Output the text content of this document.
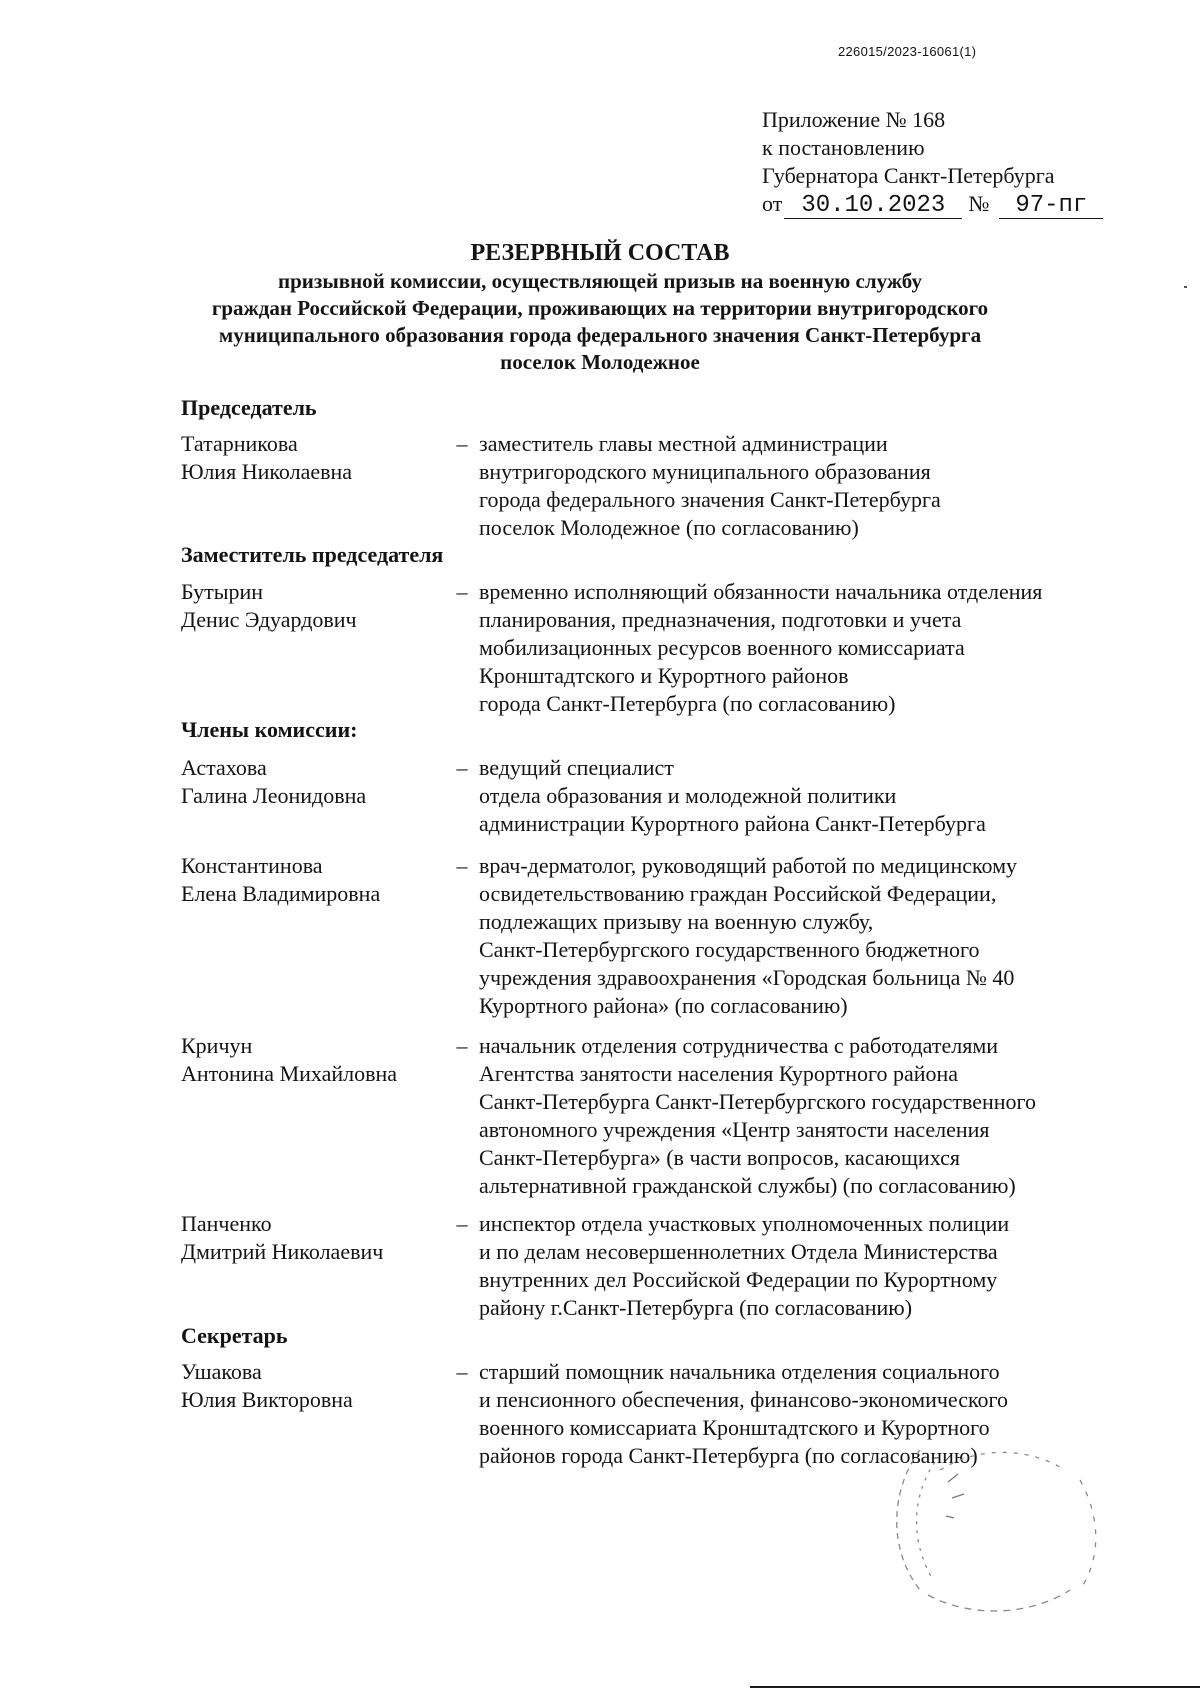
226015/2023-16061(1)
Приложение № 168
к постановлению
Губернатора Санкт-Петербурга
от 30.10.2023	№	97-пг
РЕЗЕРВНЫЙ СОСТАВ
призывной комиссии, осуществляющей призыв на военную службу
граждан Российской Федерации, проживающих на территории внутригородского
муниципального образования города федерального значения Санкт-Петербурга
поселок Молодежное
Председатель
Татарникова
Юлия Николаевна
– заместитель главы местной администрации
внутригородского муниципального образования
города федерального значения Санкт-Петербурга
поселок Молодежное (по согласованию)
Заместитель председателя
Бутырин
Денис Эдуардович
– временно исполняющий обязанности начальника отделения
планирования, предназначения, подготовки и учета
мобилизационных ресурсов военного комиссариата
Кронштадтского и Курортного районов
города Санкт-Петербурга (по согласованию)
Члены комиссии:
Астахова
Галина Леонидовна
– ведущий специалист
отдела образования и молодежной политики
администрации Курортного района Санкт-Петербурга
Константинова
Елена Владимировна
– врач-дерматолог, руководящий работой по медицинскому
освидетельствованию граждан Российской Федерации,
подлежащих призыву на военную службу,
Санкт-Петербургского государственного бюджетного
учреждения здравоохранения «Городская больница № 40
Курортного района» (по согласованию)
Кричун
Антонина Михайловна
– начальник отделения сотрудничества с работодателями
Агентства занятости населения Курортного района
Санкт-Петербурга Санкт-Петербургского государственного
автономного учреждения «Центр занятости населения
Санкт-Петербурга» (в части вопросов, касающихся
альтернативной гражданской службы) (по согласованию)
Панченко
Дмитрий Николаевич
– инспектор отдела участковых уполномоченных полиции
и по делам несовершеннолетних Отдела Министерства
внутренних дел Российской Федерации по Курортному
району г.Санкт-Петербурга (по согласованию)
Секретарь
Ушакова
Юлия Викторовна
– старший помощник начальника отделения социального
и пенсионного обеспечения, финансово-экономического
военного комиссариата Кронштадтского и Курортного
районов города Санкт-Петербурга (по согласованию)
